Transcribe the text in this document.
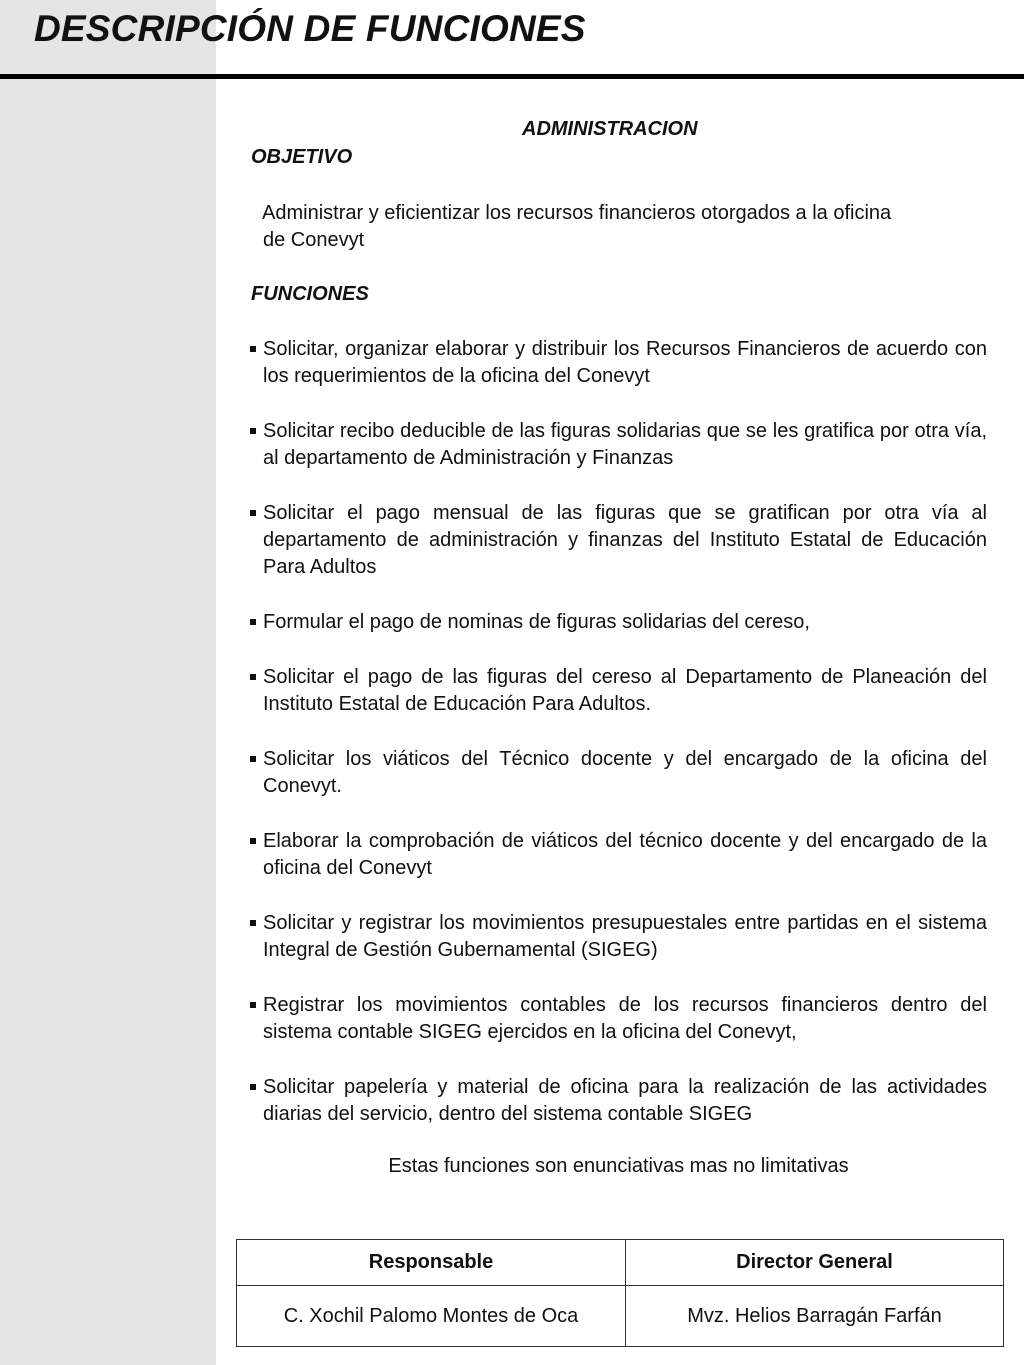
DESCRIPCIÓN DE FUNCIONES
ADMINISTRACION
OBJETIVO
Administrar y eficientizar los recursos financieros otorgados a la oficina
de Conevyt
FUNCIONES
Solicitar, organizar elaborar y distribuir los Recursos Financieros de acuerdo con los requerimientos de la oficina del Conevyt
Solicitar recibo deducible de las figuras solidarias que se les gratifica por otra vía, al departamento de Administración y Finanzas
Solicitar el pago mensual de las figuras que se gratifican por otra vía al departamento de administración y finanzas del Instituto Estatal de Educación Para Adultos
Formular el pago de nominas de figuras solidarias del cereso,
Solicitar el pago de las figuras del cereso al Departamento de Planeación del Instituto Estatal de Educación Para Adultos.
Solicitar los viáticos del Técnico docente y del encargado de la oficina del Conevyt.
Elaborar la comprobación de viáticos del técnico docente y del encargado de la oficina del Conevyt
Solicitar y registrar los movimientos presupuestales entre partidas en el sistema Integral de Gestión Gubernamental (SIGEG)
Registrar los movimientos contables de los recursos financieros dentro del sistema contable SIGEG ejercidos en la oficina del Conevyt,
Solicitar papelería y material de oficina para la realización de las actividades diarias del servicio, dentro del sistema contable SIGEG
Estas funciones son enunciativas mas no limitativas
Responsable	Director General
C. Xochil Palomo Montes de Oca	Mvz. Helios Barragán Farfán
